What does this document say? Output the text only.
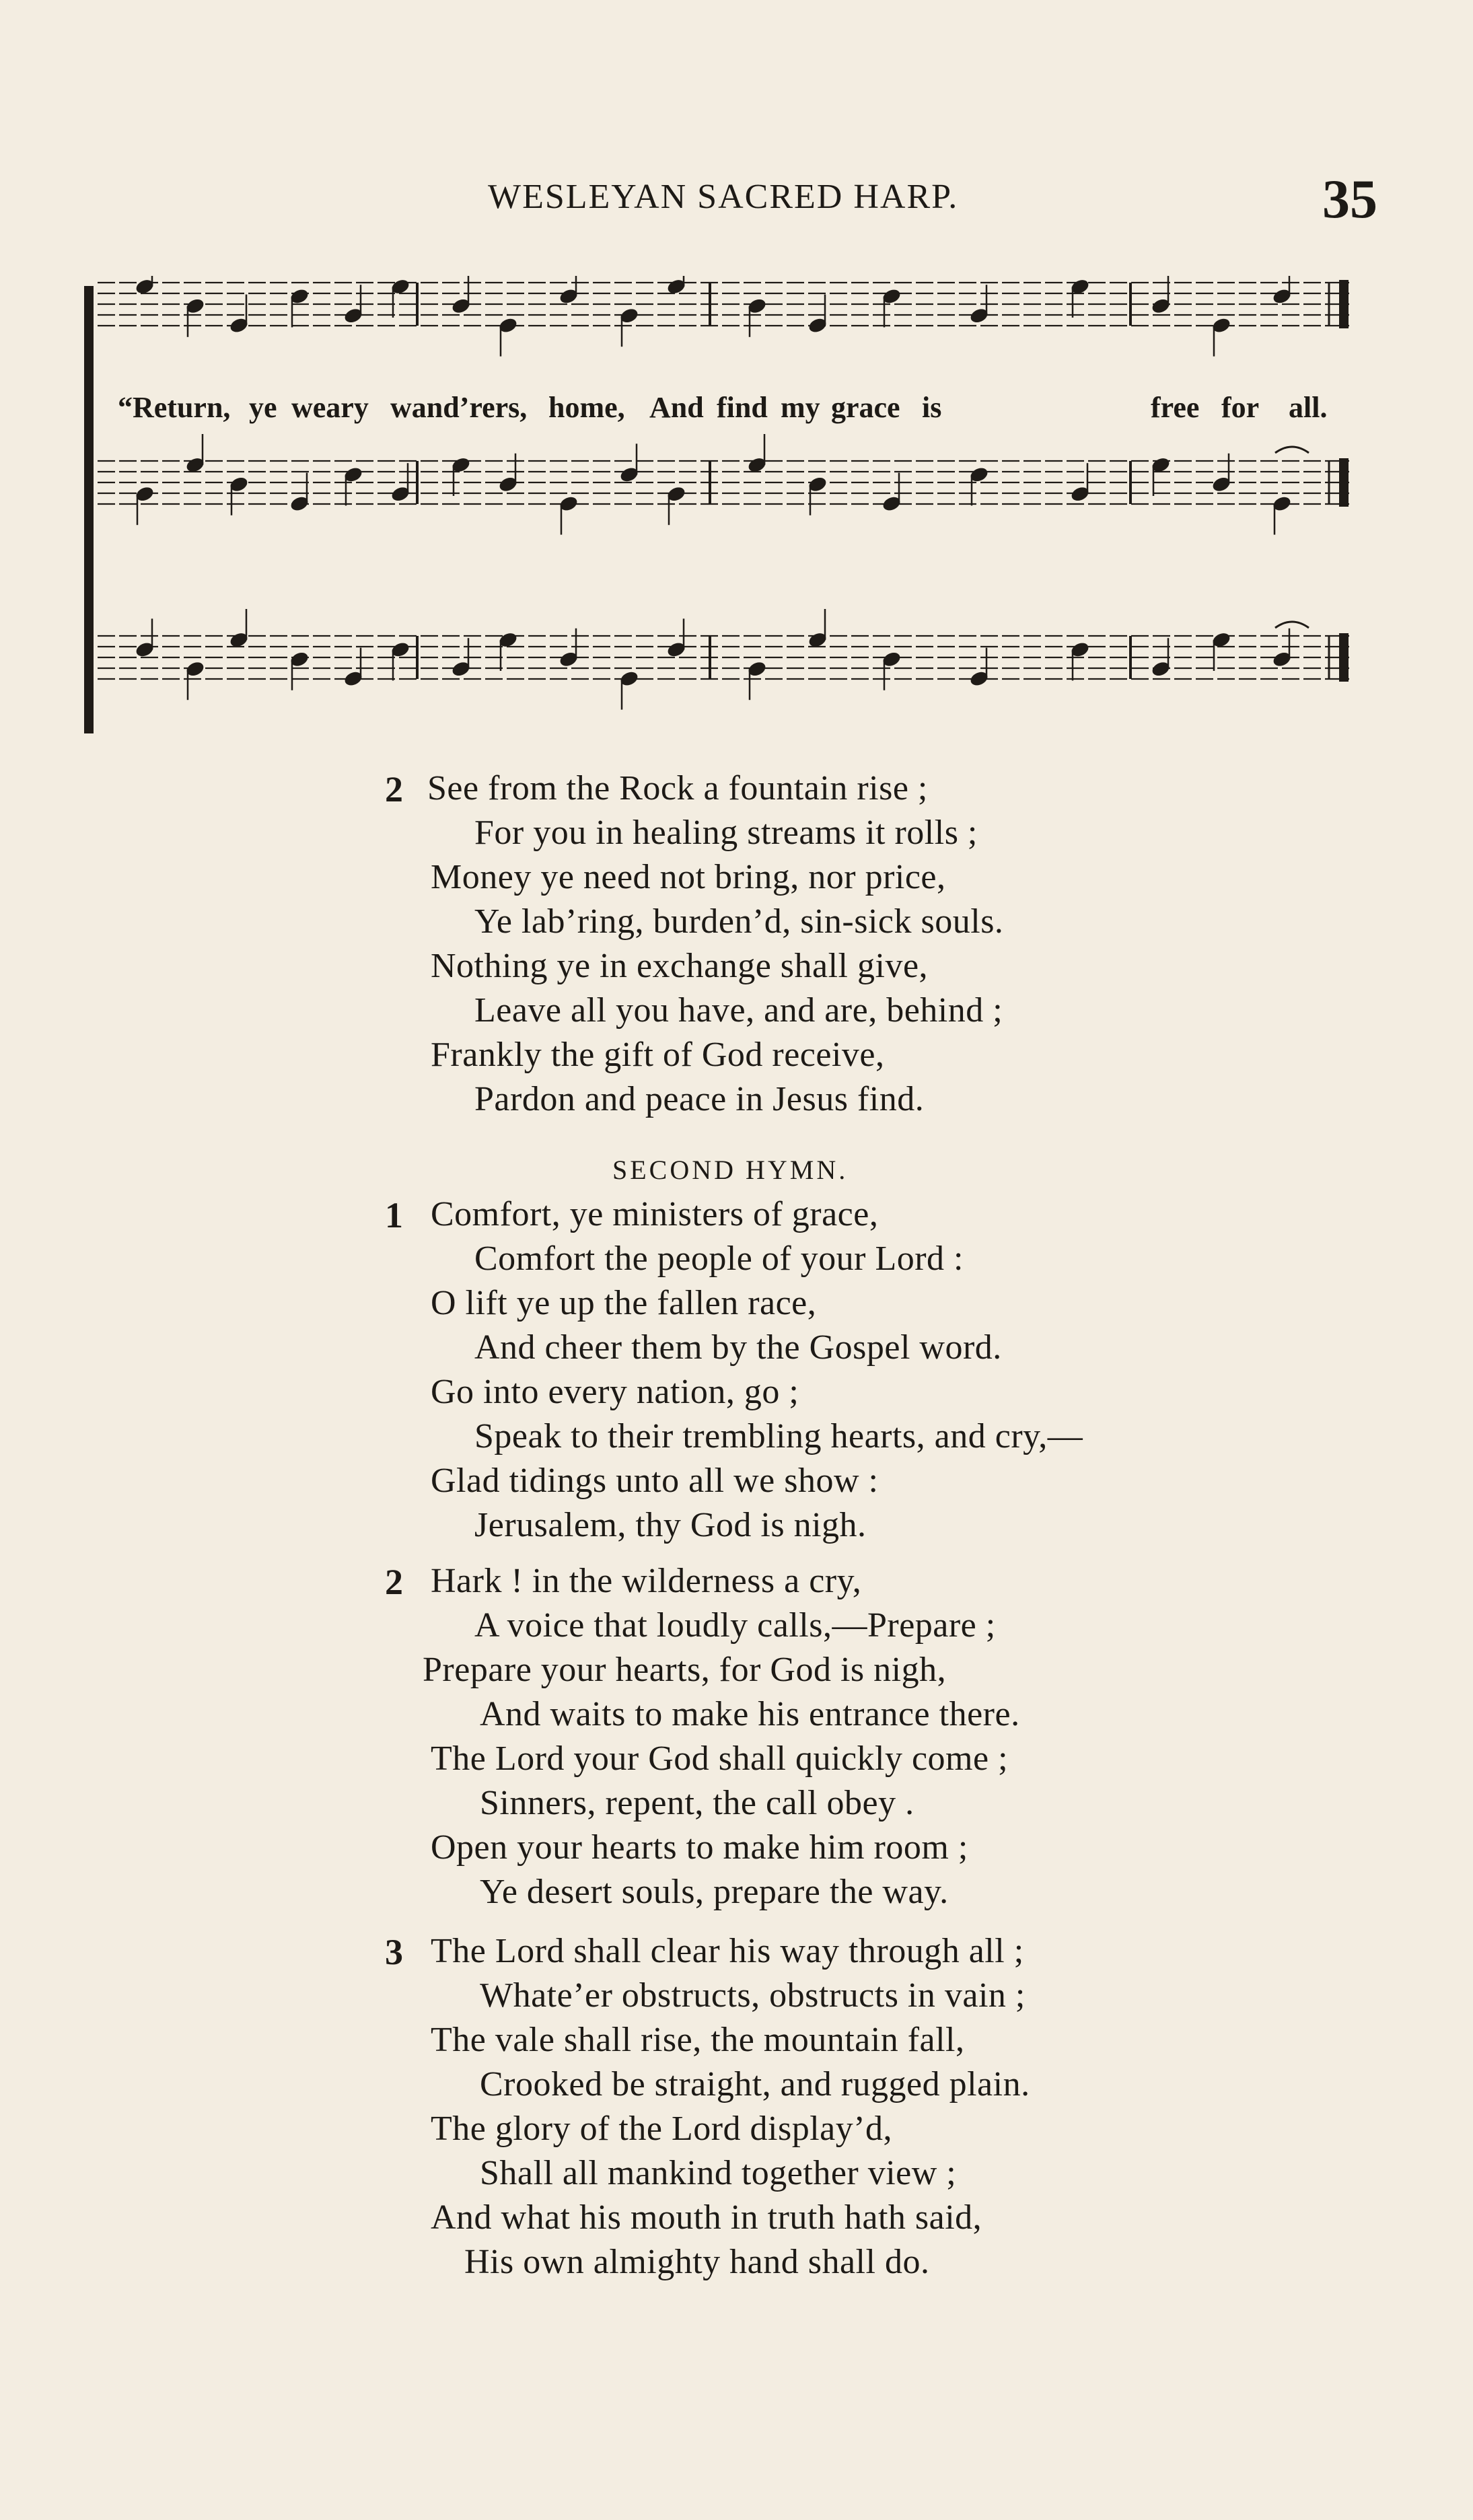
WESLEYAN SACRED HARP.	35
“Return, ye weary wand’rers, home, And find my grace is	free for all.
2 See from the Rock a fountain rise ;
For you in healing streams it rolls ;
Money ye need not bring, nor price,
Ye lab’ring, burden’d, sin-sick souls.
Nothing ye in exchange shall give,
Leave all you have, and are, behind ;
Frankly the gift of God receive,
Pardon and peace in Jesus find.
SECOND HYMN.
1 Comfort, ye ministers of grace,
Comfort the people of your Lord :
O lift ye up the fallen race,
And cheer them by the Gospel word.
Go into every nation, go ;
Speak to their trembling hearts, and cry,—
Glad tidings unto all we show :
Jerusalem, thy God is nigh.
2 Hark ! in the wilderness a cry,
A voice that loudly calls,—Prepare ;
Prepare your hearts, for God is nigh,
And waits to make his entrance there.
The Lord your God shall quickly come ;
Sinners, repent, the call obey .
Open your hearts to make him room ;
Ye desert souls, prepare the way.
3 The Lord shall clear his way through all ;
Whate’er obstructs, obstructs in vain ;
The vale shall rise, the mountain fall,
Crooked be straight, and rugged plain.
The glory of the Lord display’d,
Shall all mankind together view ;
And what his mouth in truth hath said,
His own almighty hand shall do.
